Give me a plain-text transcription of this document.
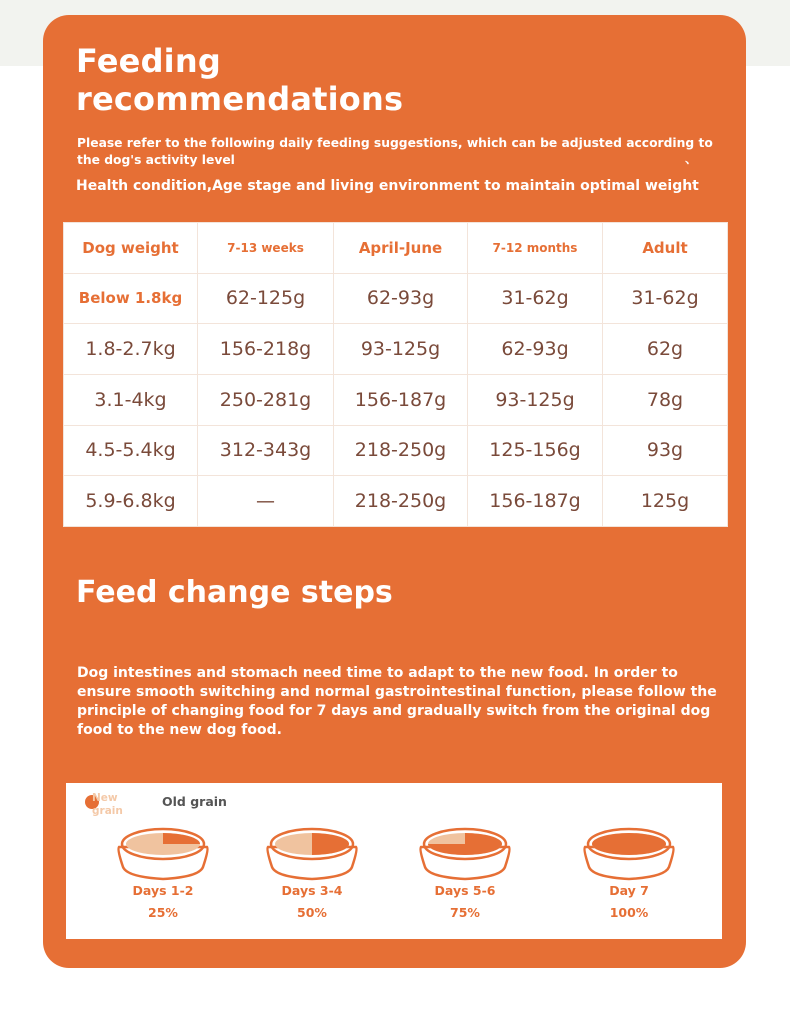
Feeding
recommendations
Please refer to the following daily feeding suggestions, which can be adjusted according to the dog's activity level	、
Health condition,Age stage and living environment to maintain optimal weight
Dog weight	7-13 weeks	April-June	7-12 months	Adult
Below 1.8kg	62-125g	62-93g	31-62g	31-62g
1.8-2.7kg	156-218g	93-125g	62-93g	62g
3.1-4kg	250-281g	156-187g	93-125g	78g
4.5-5.4kg	312-343g	218-250g	125-156g	93g
5.9-6.8kg	—	218-250g	156-187g	125g
Feed change steps
Dog intestines and stomach need time to adapt to the new food. In order to ensure smooth switching and normal gastrointestinal function, please follow the principle of changing food for 7 days and gradually switch from the original dog food to the new dog food.
New grain
Old grain
Days 1-2
25%
Days 3-4
50%
Days 5-6
75%
Day 7
100%
